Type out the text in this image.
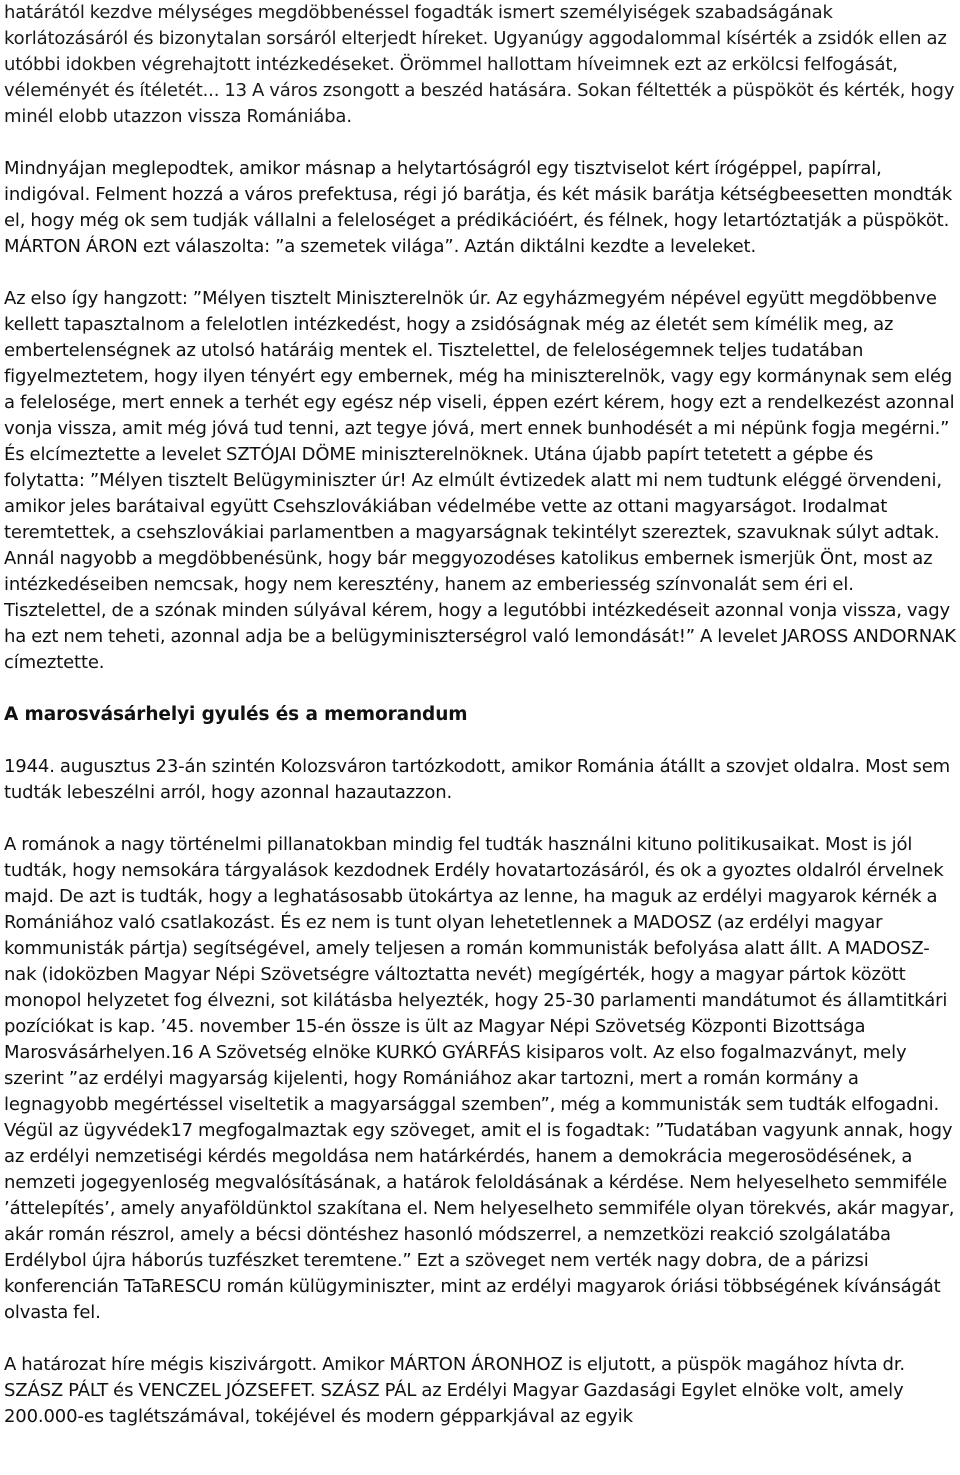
határától kezdve mélységes megdöbbenéssel fogadták ismert személyiségek szabadságának korlátozásáról és bizonytalan sorsáról elterjedt híreket. Ugyanúgy aggodalommal kísérték a zsidók ellen az utóbbi idokben végrehajtott intézkedéseket. Örömmel hallottam híveimnek ezt az erkölcsi felfogását, véleményét és ítéletét... 13 A város zsongott a beszéd hatására. Sokan féltették a püspököt és kérték, hogy minél elobb utazzon vissza Romániába.

Mindnyájan meglepodtek, amikor másnap a helytartóságról egy tisztviselot kért írógéppel, papírral, indigóval. Felment hozzá a város prefektusa, régi jó barátja, és két másik barátja kétségbeesetten mondták el, hogy még ok sem tudják vállalni a feleloséget a prédikációért, és félnek, hogy letartóztatják a püspököt. MÁRTON ÁRON ezt válaszolta: ”a szemetek világa”. Aztán diktálni kezdte a leveleket.

Az elso így hangzott: ”Mélyen tisztelt Miniszterelnök úr. Az egyházmegyém népével együtt megdöbbenve kellett tapasztalnom a felelotlen intézkedést, hogy a zsidóságnak még az életét sem kímélik meg, az embertelenségnek az utolsó határáig mentek el. Tisztelettel, de feleloségemnek teljes tudatában figyelmeztetem, hogy ilyen tényért egy embernek, még ha miniszterelnök, vagy egy kormánynak sem elég a felelosége, mert ennek a terhét egy egész nép viseli, éppen ezért kérem, hogy ezt a rendelkezést azonnal vonja vissza, amit még jóvá tud tenni, azt tegye jóvá, mert ennek bunhodését a mi népünk fogja megérni.” És elcímeztette a levelet SZTÓJAI DÖME miniszterelnöknek. Utána újabb papírt tetetett a gépbe és folytatta: ”Mélyen tisztelt Belügyminiszter úr! Az elmúlt évtizedek alatt mi nem tudtunk eléggé örvendeni, amikor jeles barátaival együtt Csehszlovákiában védelmébe vette az ottani magyarságot. Irodalmat teremtettek, a csehszlovákiai parlamentben a magyarságnak tekintélyt szereztek, szavuknak súlyt adtak. Annál nagyobb a megdöbbenésünk, hogy bár meggyozodéses katolikus embernek ismerjük Önt, most az intézkedéseiben nemcsak, hogy nem keresztény, hanem az emberiesség színvonalát sem éri el. Tisztelettel, de a szónak minden súlyával kérem, hogy a legutóbbi intézkedéseit azonnal vonja vissza, vagy ha ezt nem teheti, azonnal adja be a belügyminiszterségrol való lemondását!” A levelet JAROSS ANDORNAK címeztette.

A marosvásárhelyi gyulés és a memorandum

1944. augusztus 23-án szintén Kolozsváron tartózkodott, amikor Románia átállt a szovjet oldalra. Most sem tudták lebeszélni arról, hogy azonnal hazautazzon.

A románok a nagy történelmi pillanatokban mindig fel tudták használni kituno politikusaikat. Most is jól tudták, hogy nemsokára tárgyalások kezdodnek Erdély hovatartozásáról, és ok a gyoztes oldalról érvelnek majd. De azt is tudták, hogy a leghatásosabb ütokártya az lenne, ha maguk az erdélyi magyarok kérnék a Romániához való csatlakozást. És ez nem is tunt olyan lehetetlennek a MADOSZ (az erdélyi magyar kommunisták pártja) segítségével, amely teljesen a román kommunisták befolyása alatt állt. A MADOSZ-nak (idoközben Magyar Népi Szövetségre változtatta nevét) megígérték, hogy a magyar pártok között monopol helyzetet fog élvezni, sot kilátásba helyezték, hogy 25-30 parlamenti mandátumot és államtitkári pozíciókat is kap. ’45. november 15-én össze is ült az Magyar Népi Szövetség Központi Bizottsága Marosvásárhelyen.16 A Szövetség elnöke KURKÓ GYÁRFÁS kisiparos volt. Az elso fogalmazványt, mely szerint ”az erdélyi magyarság kijelenti, hogy Romániához akar tartozni, mert a román kormány a legnagyobb megértéssel viseltetik a magyarsággal szemben”, még a kommunisták sem tudták elfogadni. Végül az ügyvédek17 megfogalmaztak egy szöveget, amit el is fogadtak: ”Tudatában vagyunk annak, hogy az erdélyi nemzetiségi kérdés megoldása nem határkérdés, hanem a demokrácia megerosödésének, a nemzeti jogegyenloség megvalósításának, a határok feloldásának a kérdése. Nem helyeselheto semmiféle ’áttelepítés’, amely anyaföldünktol szakítana el. Nem helyeselheto semmiféle olyan törekvés, akár magyar, akár román részrol, amely a bécsi döntéshez hasonló módszerrel, a nemzetközi reakció szolgálatába Erdélybol újra háborús tuzfészket teremtene.” Ezt a szöveget nem verték nagy dobra, de a párizsi konferencián TaTaRESCU román külügyminiszter, mint az erdélyi magyarok óriási többségének kívánságát olvasta fel.

A határozat híre mégis kiszivárgott. Amikor MÁRTON ÁRONHOZ is eljutott, a püspök magához hívta dr. SZÁSZ PÁLT és VENCZEL JÓZSEFET. SZÁSZ PÁL az Erdélyi Magyar Gazdasági Egylet elnöke volt, amely 200.000-es taglétszámával, tokéjével és modern gépparkjával az egyik
